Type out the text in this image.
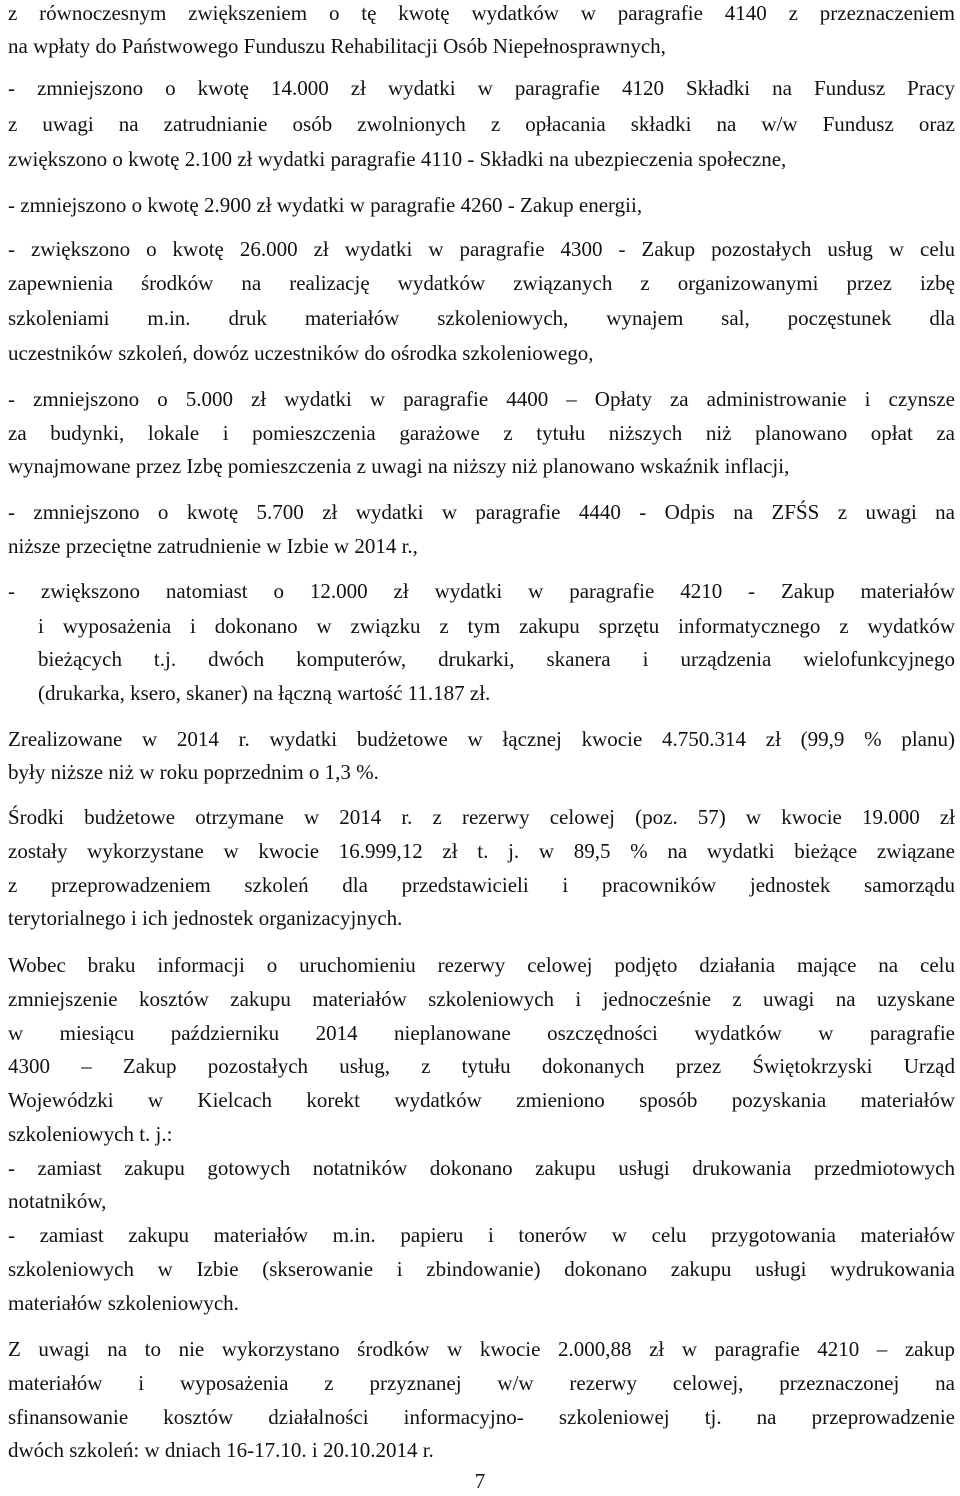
z równoczesnym zwiększeniem o tę kwotę wydatków w paragrafie 4140 z przeznaczeniem
na wpłaty do Państwowego Funduszu Rehabilitacji Osób Niepełnosprawnych,
- zmniejszono o kwotę 14.000 zł wydatki w paragrafie 4120 Składki na Fundusz Pracy
z uwagi na zatrudnianie osób zwolnionych z opłacania składki na w/w Fundusz oraz
zwiększono o kwotę 2.100 zł wydatki paragrafie 4110 - Składki na ubezpieczenia społeczne,
- zmniejszono o kwotę 2.900 zł wydatki w paragrafie 4260 - Zakup energii,
- zwiększono o kwotę 26.000 zł wydatki w paragrafie 4300 - Zakup pozostałych usług w celu
zapewnienia środków na realizację wydatków związanych z organizowanymi przez izbę
szkoleniami m.in. druk materiałów szkoleniowych, wynajem sal, poczęstunek dla
uczestników szkoleń, dowóz uczestników do ośrodka szkoleniowego,
- zmniejszono o 5.000 zł wydatki w paragrafie 4400 – Opłaty za administrowanie i czynsze
za budynki, lokale i pomieszczenia garażowe z tytułu niższych niż planowano opłat za
wynajmowane przez Izbę pomieszczenia z uwagi na niższy niż planowano wskaźnik inflacji,
- zmniejszono o kwotę 5.700 zł wydatki w paragrafie 4440 - Odpis na ZFŚS z uwagi na
niższe przeciętne zatrudnienie w Izbie w 2014 r.,
- zwiększono natomiast o 12.000 zł wydatki w paragrafie 4210 - Zakup materiałów
i wyposażenia i dokonano w związku z tym zakupu sprzętu informatycznego z wydatków
bieżących t.j. dwóch komputerów, drukarki, skanera i urządzenia wielofunkcyjnego
(drukarka, ksero, skaner) na łączną wartość 11.187 zł.
Zrealizowane w 2014 r. wydatki budżetowe w łącznej kwocie 4.750.314 zł (99,9 % planu)
były niższe niż w roku poprzednim o 1,3 %.
Środki budżetowe otrzymane w 2014 r. z rezerwy celowej (poz. 57) w kwocie 19.000 zł
zostały wykorzystane w kwocie 16.999,12 zł t. j. w 89,5 % na wydatki bieżące związane
z przeprowadzeniem szkoleń dla przedstawicieli i pracowników jednostek samorządu
terytorialnego i ich jednostek organizacyjnych.
Wobec braku informacji o uruchomieniu rezerwy celowej podjęto działania mające na celu
zmniejszenie kosztów zakupu materiałów szkoleniowych i jednocześnie z uwagi na uzyskane
w miesiącu październiku 2014 nieplanowane oszczędności wydatków w paragrafie
4300 – Zakup pozostałych usług, z tytułu dokonanych przez Świętokrzyski Urząd
Wojewódzki w Kielcach korekt wydatków zmieniono sposób pozyskania materiałów
szkoleniowych t. j.:
- zamiast zakupu gotowych notatników dokonano zakupu usługi drukowania przedmiotowych
notatników,
- zamiast zakupu materiałów m.in. papieru i tonerów w celu przygotowania materiałów
szkoleniowych w Izbie (skserowanie i zbindowanie) dokonano zakupu usługi wydrukowania
materiałów szkoleniowych.
Z uwagi na to nie wykorzystano środków w kwocie 2.000,88 zł w paragrafie 4210 – zakup
materiałów i wyposażenia z przyznanej w/w rezerwy celowej, przeznaczonej na
sfinansowanie kosztów działalności informacyjno- szkoleniowej tj. na przeprowadzenie
dwóch szkoleń: w dniach 16-17.10. i 20.10.2014 r.
7
